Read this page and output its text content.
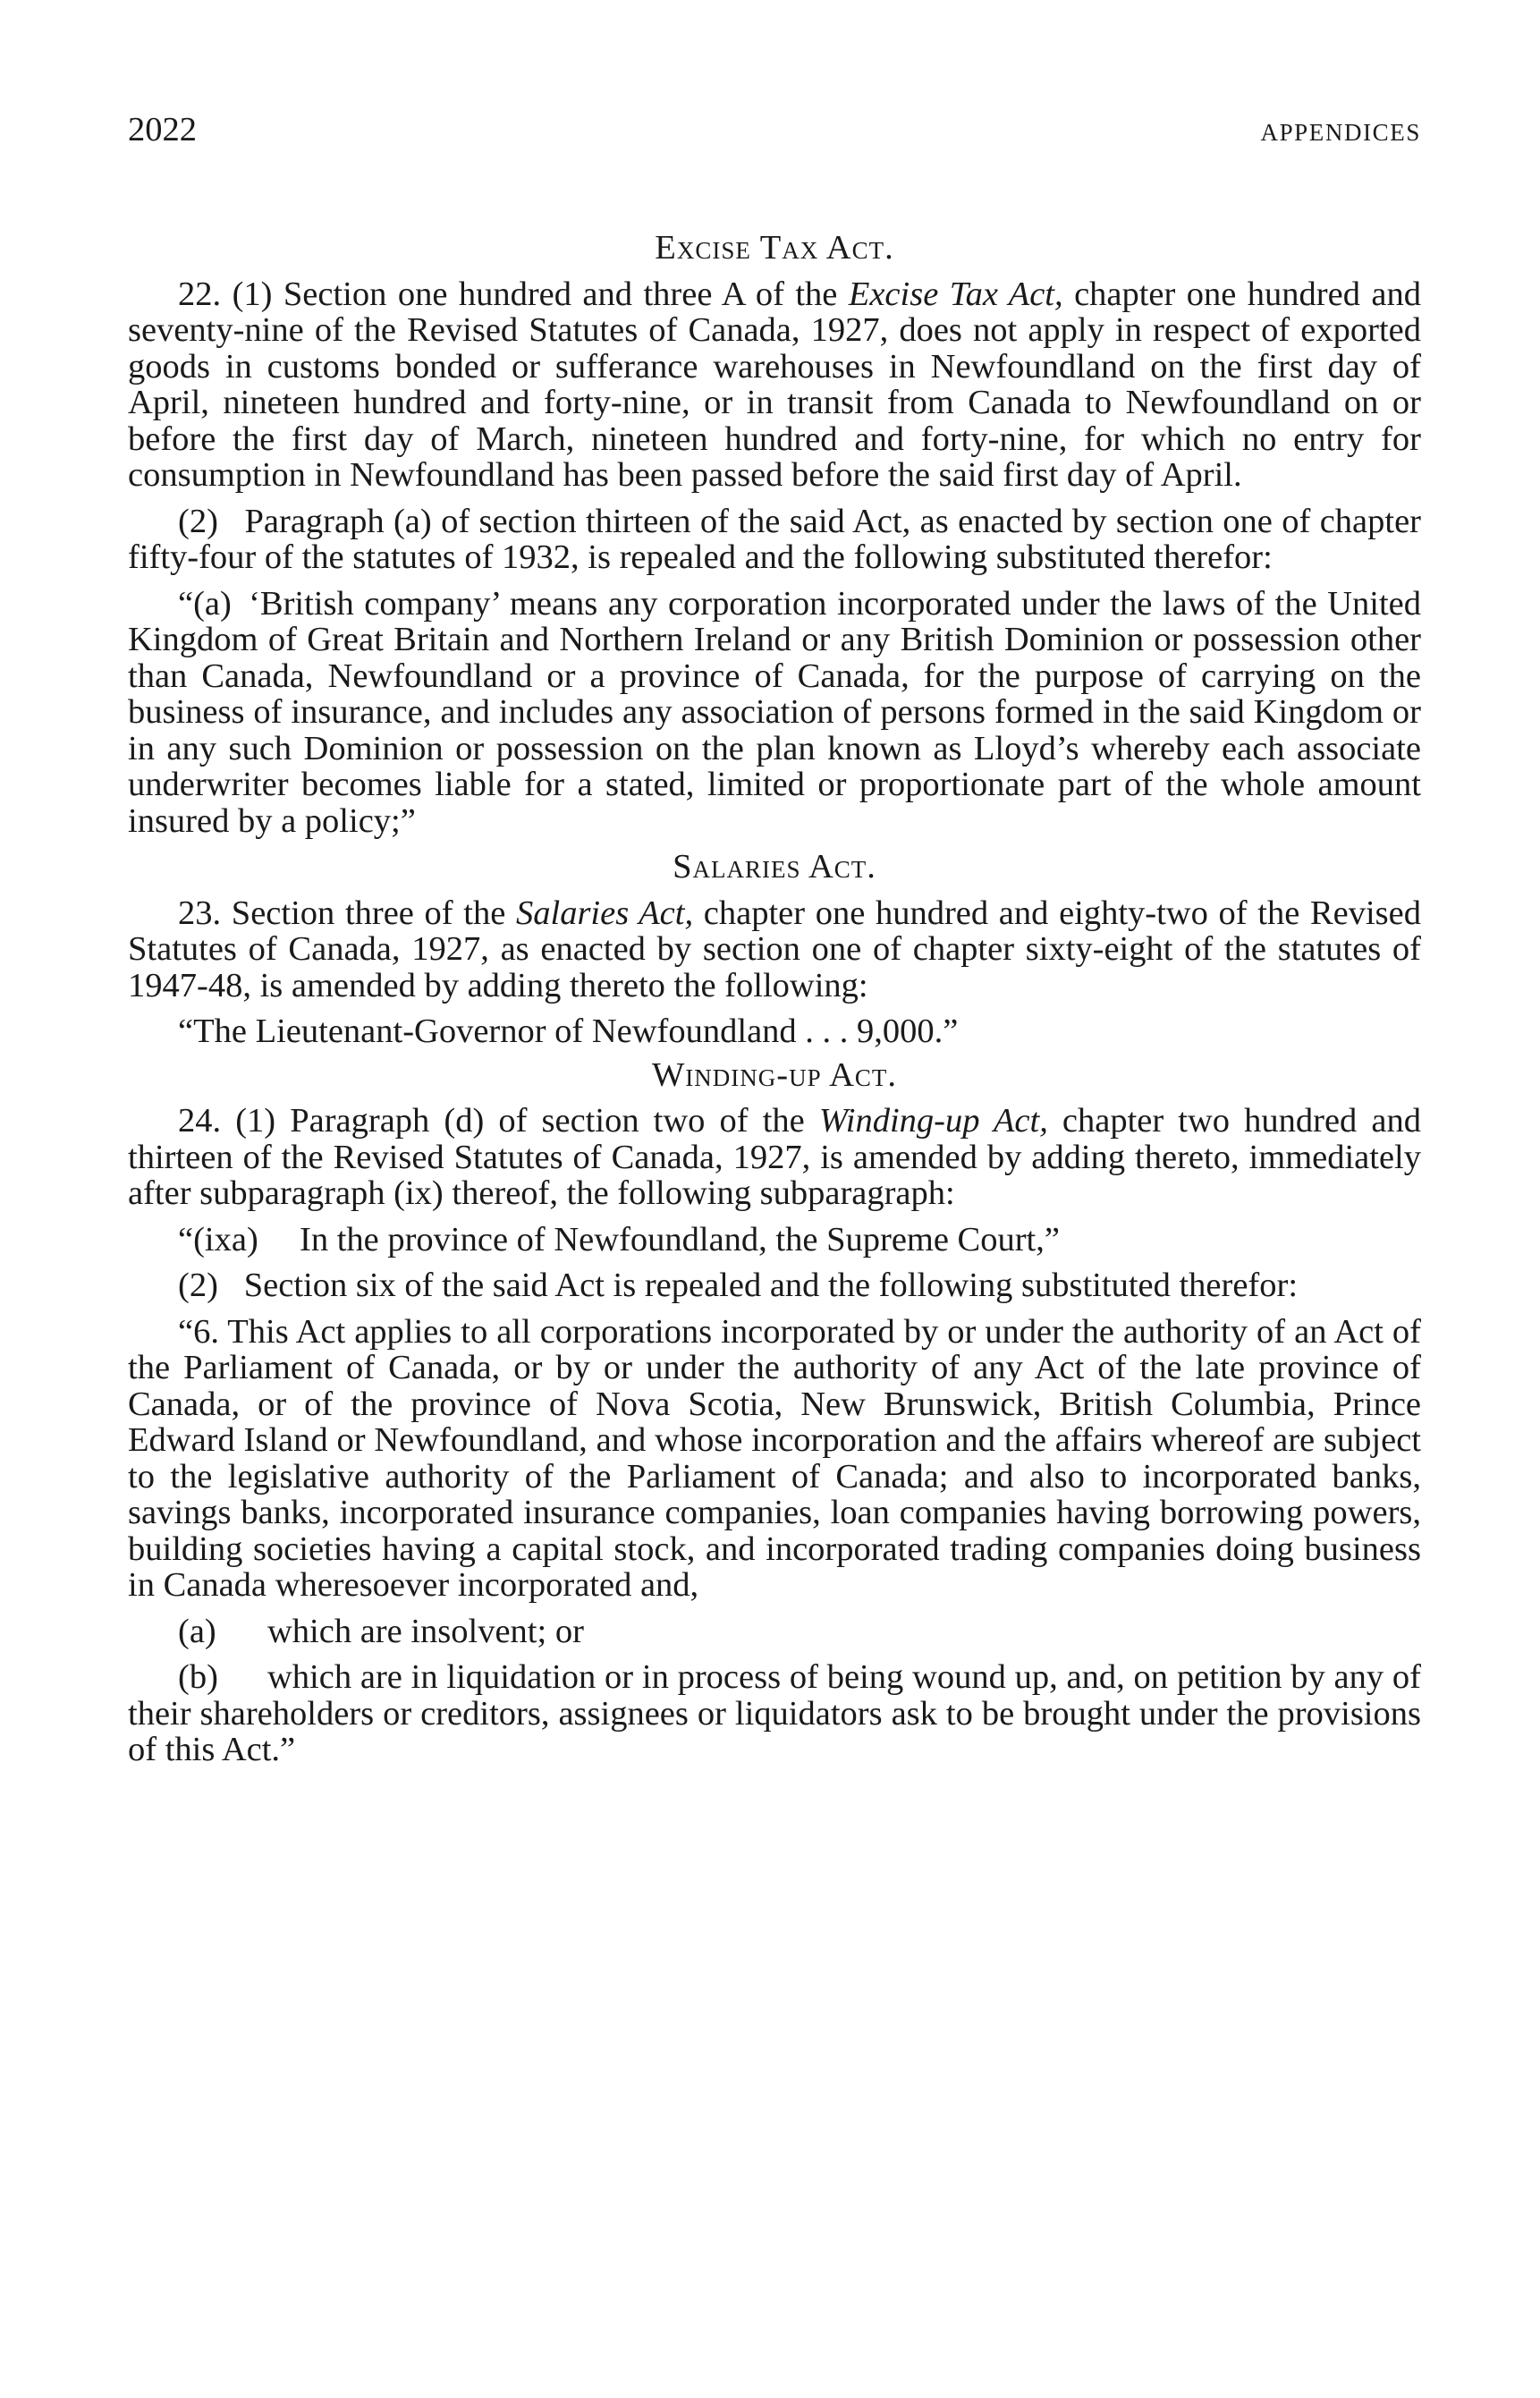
2022	APPENDICES
Excise Tax Act.

22. (1) Section one hundred and three A of the Excise Tax Act, chapter one hundred and seventy-nine of the Revised Statutes of Canada, 1927, does not apply in respect of exported goods in customs bonded or sufferance warehouses in Newfoundland on the first day of April, nineteen hundred and forty-nine, or in transit from Canada to Newfoundland on or before the first day of March, nineteen hundred and forty-nine, for which no entry for consumption in Newfoundland has been passed before the said first day of April.

(2)  Paragraph (a) of section thirteen of the said Act, as enacted by section one of chapter fifty-four of the statutes of 1932, is repealed and the following substituted therefor:

“(a) ‘British company’ means any corporation incorporated under the laws of the United Kingdom of Great Britain and Northern Ireland or any British Dominion or possession other than Canada, Newfoundland or a province of Canada, for the purpose of carrying on the business of insurance, and includes any association of persons formed in the said Kingdom or in any such Dominion or possession on the plan known as Lloyd’s whereby each associate underwriter becomes liable for a stated, limited or proportionate part of the whole amount insured by a policy;”

Salaries Act.

23. Section three of the Salaries Act, chapter one hundred and eighty-two of the Revised Statutes of Canada, 1927, as enacted by section one of chapter sixty-eight of the statutes of 1947-48, is amended by adding thereto the following:

“The Lieutenant-Governor of Newfoundland . . . 9,000.”

Winding-up Act.

24. (1) Paragraph (d) of section two of the Winding-up Act, chapter two hundred and thirteen of the Revised Statutes of Canada, 1927, is amended by adding thereto, immediately after subparagraph (ix) thereof, the following subparagraph:

“(ixa) In the province of Newfoundland, the Supreme Court,”

(2)  Section six of the said Act is repealed and the following substituted therefor:

“6. This Act applies to all corporations incorporated by or under the authority of an Act of the Parliament of Canada, or by or under the authority of any Act of the late province of Canada, or of the province of Nova Scotia, New Brunswick, British Columbia, Prince Edward Island or Newfoundland, and whose incorporation and the affairs whereof are subject to the legislative authority of the Parliament of Canada; and also to incorporated banks, savings banks, incorporated insurance companies, loan companies having borrowing powers, building societies having a capital stock, and incorporated trading companies doing business in Canada wheresoever incorporated and,

(a) which are insolvent; or

(b) which are in liquidation or in process of being wound up, and, on petition by any of their shareholders or creditors, assignees or liquidators ask to be brought under the provisions of this Act.”
